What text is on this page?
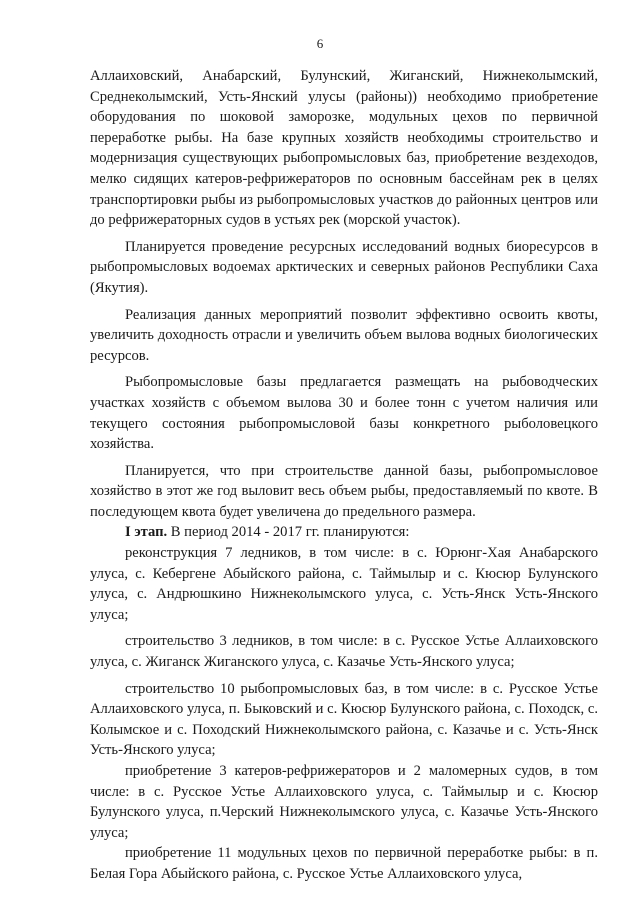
6

Аллаиховский, Анабарский, Булунский, Жиганский, Нижнеколымский, Среднеколымский, Усть-Янский улусы (районы)) необходимо приобретение оборудования по шоковой заморозке, модульных цехов по первичной переработке рыбы. На базе крупных хозяйств необходимы строительство и модернизация существующих рыбопромысловых баз, приобретение вездеходов, мелко сидящих катеров-рефрижераторов по основным бассейнам рек в целях транспортировки рыбы из рыбопромысловых участков до районных центров или до рефрижераторных судов в устьях рек (морской участок).

Планируется проведение ресурсных исследований водных биоресурсов в рыбопромысловых водоемах арктических и северных районов Республики Саха (Якутия).

Реализация данных мероприятий позволит эффективно освоить квоты, увеличить доходность отрасли и увеличить объем вылова водных биологических ресурсов.

Рыбопромысловые базы предлагается размещать на рыбоводческих участках хозяйств с объемом вылова 30 и более тонн с учетом наличия или текущего состояния рыбопромысловой базы конкретного рыболовецкого хозяйства.

Планируется, что при строительстве данной базы, рыбопромысловое хозяйство в этот же год выловит весь объем рыбы, предоставляемый по квоте. В последующем квота будет увеличена до предельного размера.

I этап. В период 2014 - 2017 гг. планируются:

реконструкция 7 ледников, в том числе: в с. Юрюнг-Хая Анабарского улуса, с. Кебергене Абыйского района, с. Таймылыр и с. Кюсюр Булунского улуса, с. Андрюшкино Нижнеколымского улуса, с. Усть-Янск Усть-Янского улуса;

строительство 3 ледников, в том числе: в с. Русское Устье Аллаиховского улуса, с. Жиганск Жиганского улуса, с. Казачье Усть-Янского улуса;

строительство 10 рыбопромысловых баз, в том числе: в с. Русское Устье Аллаиховского улуса, п. Быковский и с. Кюсюр Булунского района, с. Походск, с. Колымское и с. Походский Нижнеколымского района, с. Казачье и с. Усть-Янск Усть-Янского улуса;

приобретение 3 катеров-рефрижераторов и 2 маломерных судов, в том числе: в с. Русское Устье Аллаиховского улуса, с. Таймылыр и с. Кюсюр Булунского улуса, п.Черский Нижнеколымского улуса, с. Казачье Усть-Янского улуса;

приобретение 11 модульных цехов по первичной переработке рыбы: в п. Белая Гора Абыйского района, с. Русское Устье Аллаиховского улуса,
